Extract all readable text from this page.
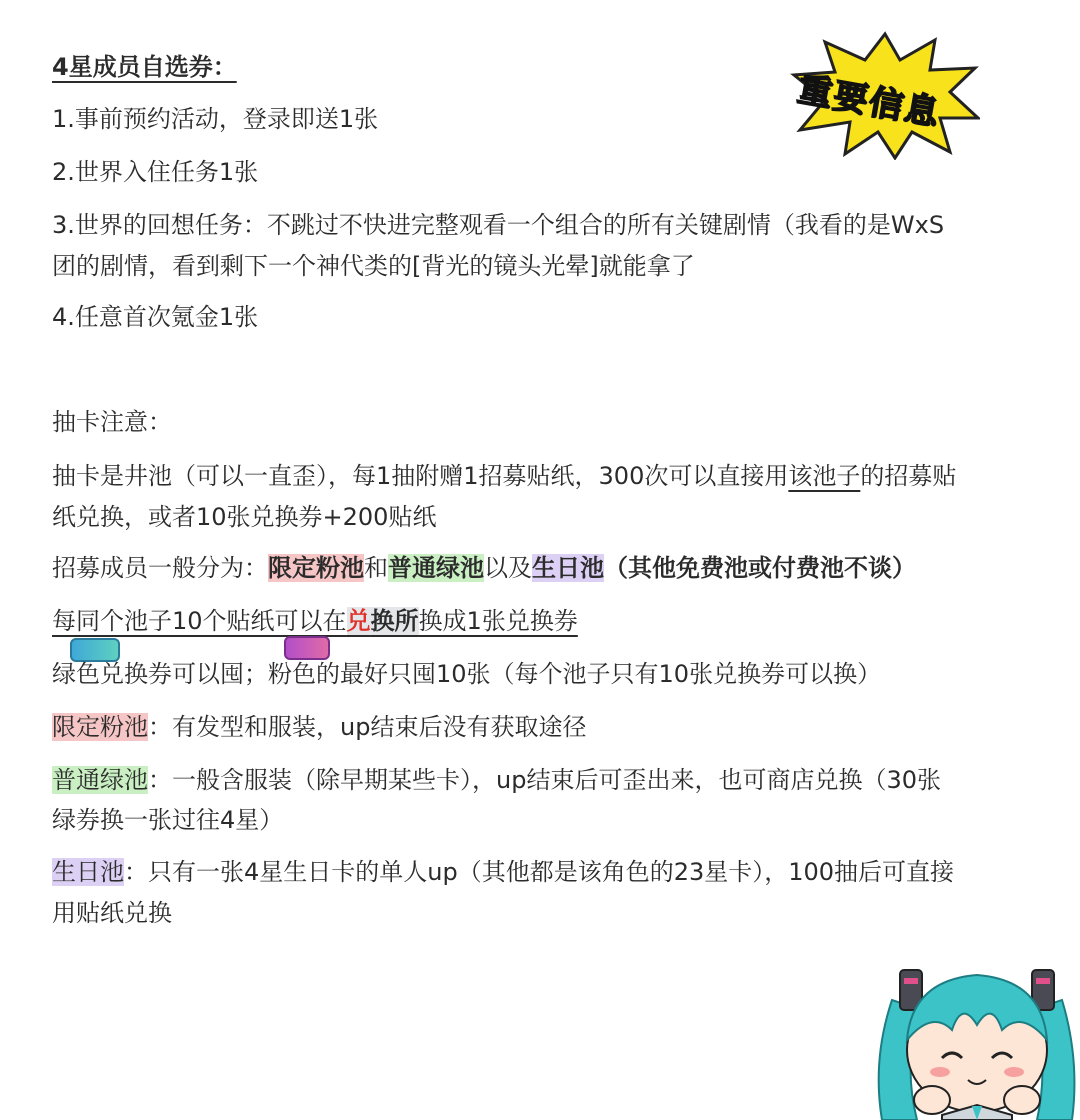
4星成员自选券：

1.事前预约活动，登录即送1张

2.世界入住任务1张

3.世界的回想任务：不跳过不快进完整观看一个组合的所有关键剧情（我看的是WxS

团的剧情，看到剩下一个神代类的[背光的镜头光晕]就能拿了

4.任意首次氪金1张

重要信息

抽卡注意：

抽卡是井池（可以一直歪），每1抽附赠1招募贴纸，300次可以直接用该池子的招募贴

纸兑换，或者10张兑换券+200贴纸

招募成员一般分为：限定粉池和普通绿池以及生日池（其他免费池或付费池不谈）

每同个池子10个贴纸可以在兑换所换成1张兑换券

绿色兑换券可以囤；粉色的最好只囤10张（每个池子只有10张兑换券可以换）

限定粉池：有发型和服装，up结束后没有获取途径

普通绿池：一般含服装（除早期某些卡），up结束后可歪出来，也可商店兑换（30张

绿券换一张过往4星）

生日池：只有一张4星生日卡的单人up（其他都是该角色的23星卡），100抽后可直接

用贴纸兑换
